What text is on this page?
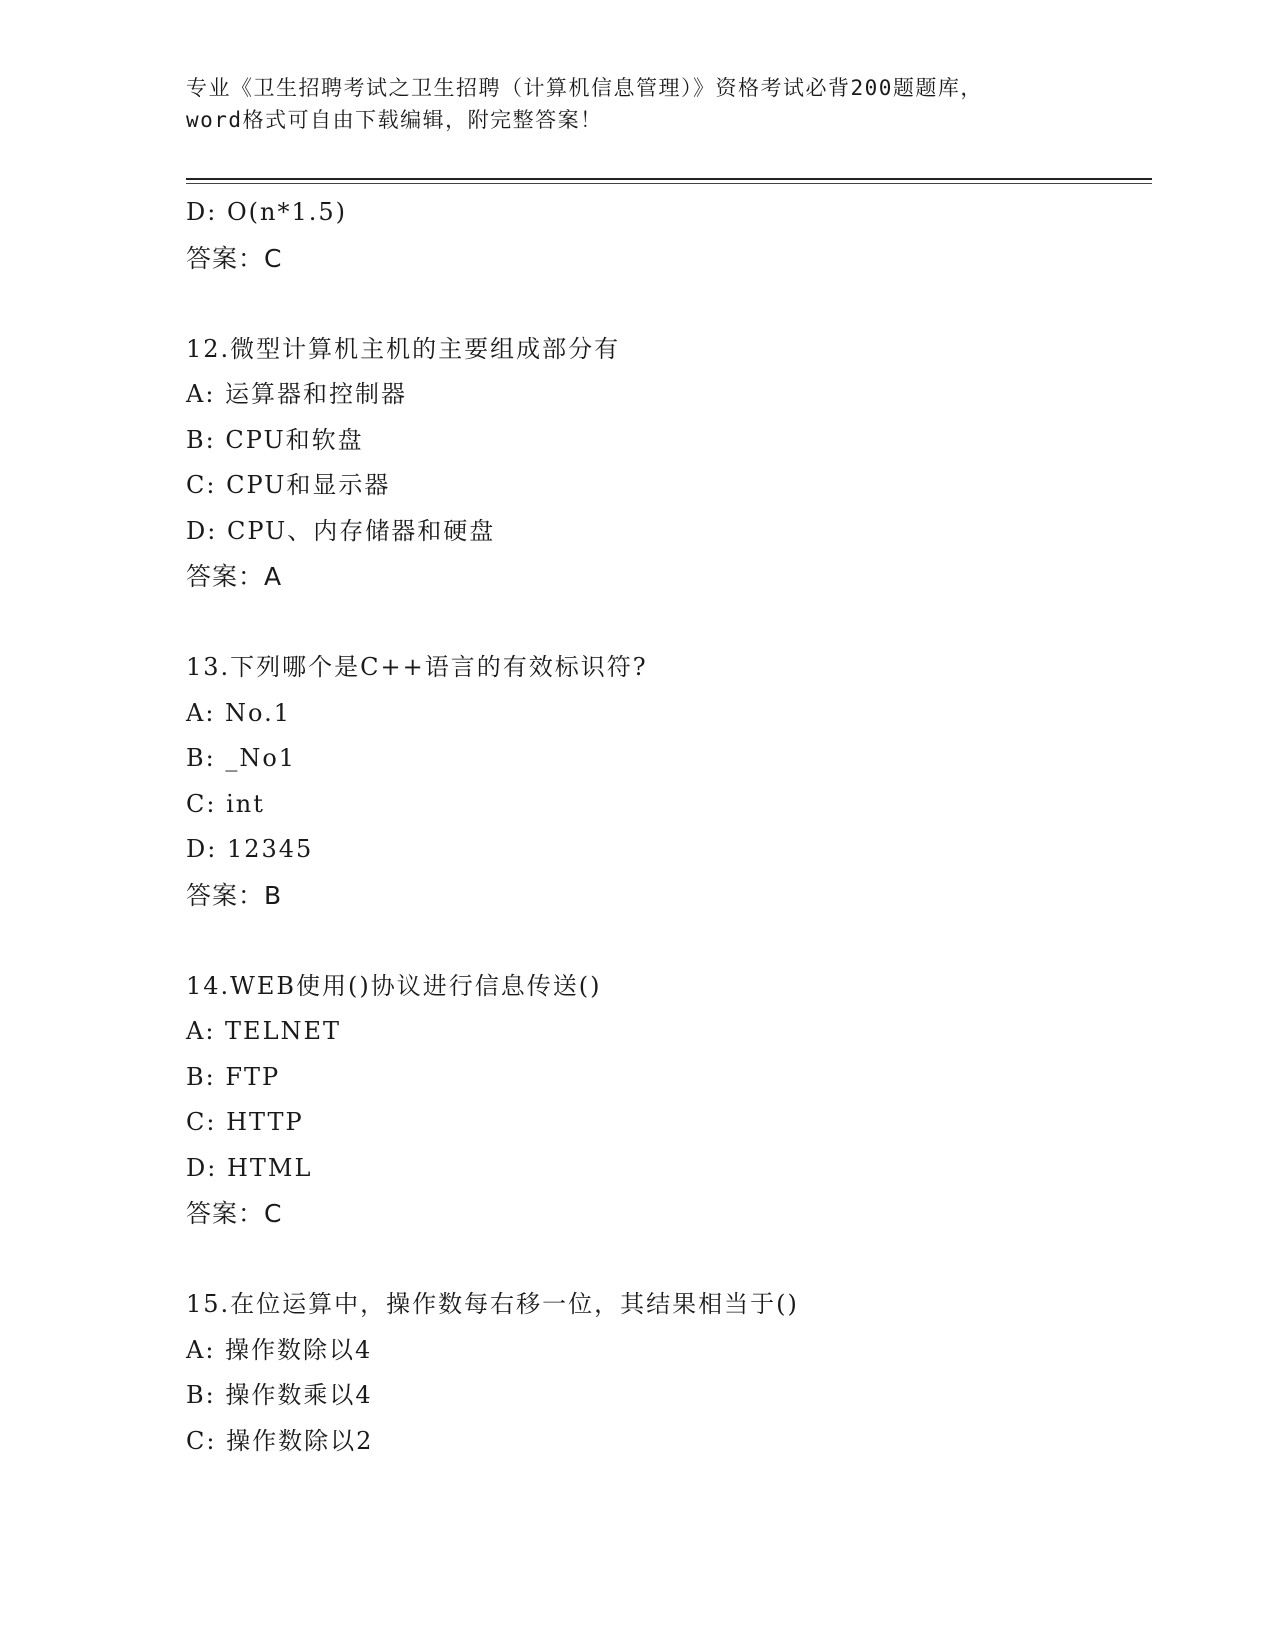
专业《卫生招聘考试之卫生招聘（计算机信息管理）》资格考试必背200题题库，
word格式可自由下载编辑，附完整答案！
D: O(n*1.5)
答案：C
12.微型计算机主机的主要组成部分有
A: 运算器和控制器
B: CPU和软盘
C: CPU和显示器
D: CPU、内存储器和硬盘
答案：A
13.下列哪个是C++语言的有效标识符?
A: No.1
B: _No1
C: int
D: 12345
答案：B
14.WEB使用()协议进行信息传送()
A: TELNET
B: FTP
C: HTTP
D: HTML
答案：C
15.在位运算中，操作数每右移一位，其结果相当于()
A: 操作数除以4
B: 操作数乘以4
C: 操作数除以2
